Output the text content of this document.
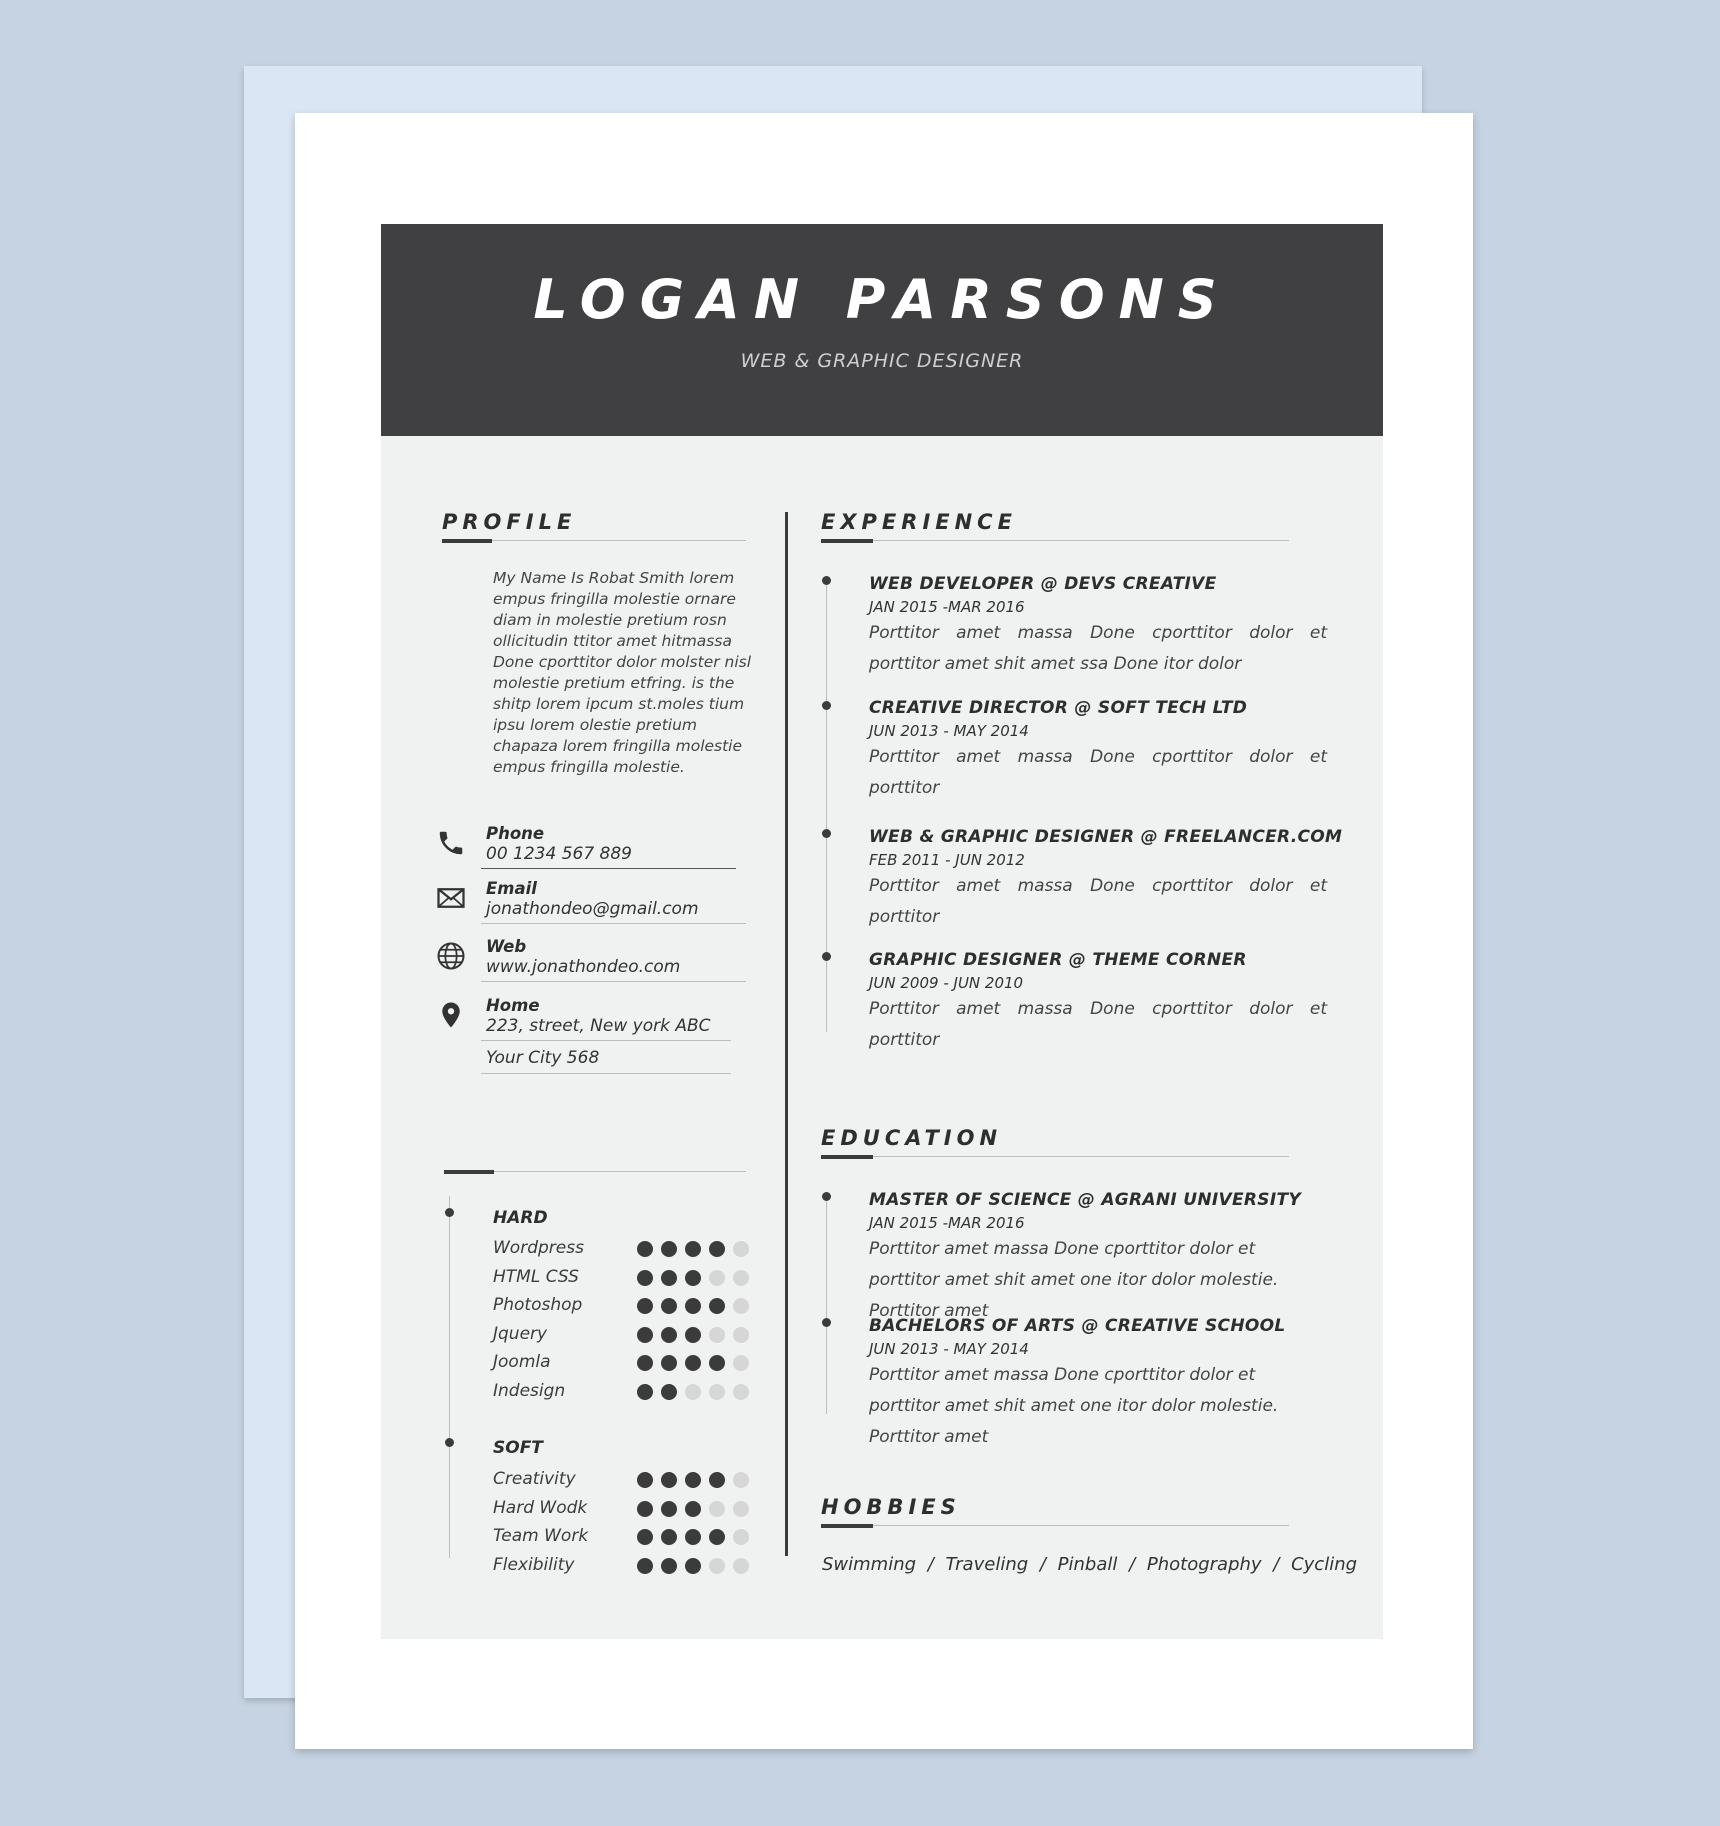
LOGAN PARSONS
WEB & GRAPHIC DESIGNER
PROFILE
My Name Is Robat Smith lorem empus fringilla molestie ornare diam in molestie pretium rosn ollicitudin ttitor amet hitmassa Done cporttitor dolor molster nisl molestie pretium etfring. is the shitp lorem ipcum st.moles tium ipsu lorem olestie pretium chapaza lorem fringilla molestie empus fringilla molestie.
Phone
00 1234 567 889
Email
jonathondeo@gmail.com
Web
www.jonathondeo.com
Home
223, street, New york ABC
Your City 568
HARD
Wordpress
HTML CSS
Photoshop
Jquery
Joomla
Indesign
SOFT
Creativity
Hard Wodk
Team Work
Flexibility
EXPERIENCE
WEB DEVELOPER @ DEVS CREATIVE
JAN 2015 -MAR 2016
Porttitor amet massa Done cporttitor dolor et porttitor amet shit amet ssa Done itor dolor
CREATIVE DIRECTOR @ SOFT TECH LTD
JUN 2013 - MAY 2014
Porttitor amet massa Done cporttitor dolor et porttitor
WEB & GRAPHIC DESIGNER @ FREELANCER.COM
FEB 2011 - JUN 2012
Porttitor amet massa Done cporttitor dolor et porttitor
GRAPHIC DESIGNER @ THEME CORNER
JUN 2009 - JUN 2010
Porttitor amet massa Done cporttitor dolor et porttitor
EDUCATION
MASTER OF SCIENCE @ AGRANI UNIVERSITY
JAN 2015 -MAR 2016
Porttitor amet massa Done cporttitor dolor et porttitor amet shit amet one itor dolor molestie. Porttitor amet
BACHELORS OF ARTS @ CREATIVE SCHOOL
JUN 2013 - MAY 2014
Porttitor amet massa Done cporttitor dolor et porttitor amet shit amet one itor dolor molestie. Porttitor amet
HOBBIES
Swimming / Traveling / Pinball / Photography / Cycling
